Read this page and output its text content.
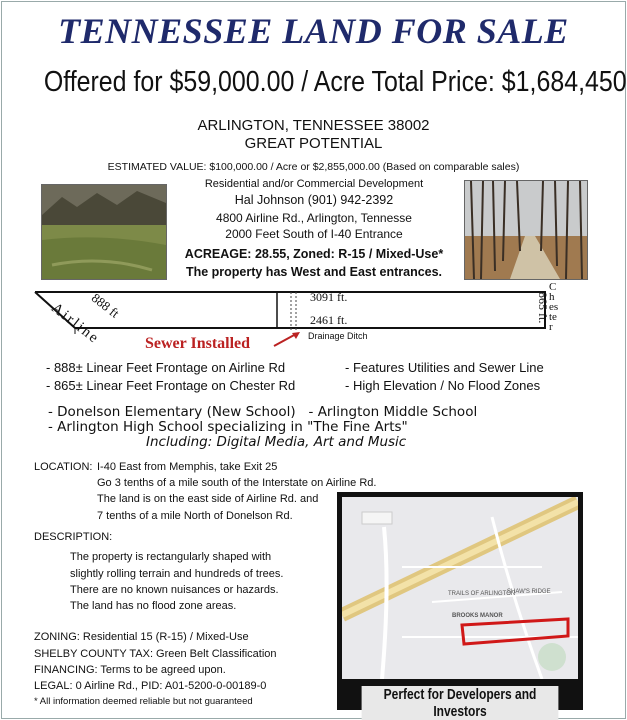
TENNESSEE LAND FOR SALE
Offered for $59,000.00 / Acre Total Price: $1,684,450
ARLINGTON, TENNESSEE 38002
GREAT POTENTIAL
ESTIMATED VALUE: $100,000.00 / Acre or $2,855,000.00 (Based on comparable sales)
Residential and/or Commercial Development
Hal Johnson (901) 942-2392
4800 Airline Rd., Arlington, Tennesse
2000 Feet South of I-40 Entrance
ACREAGE: 28.55, Zoned: R-15 / Mixed-Use*
The property has West and East entrances.
Airline
888 ft	3091 ft.
2461 ft.	865 ft.
Chester
Drainage Ditch
Sewer Installed
- 888± Linear Feet Frontage on Airline Rd
- 865± Linear Feet Frontage on Chester Rd
- Features Utilities and Sewer Line
- High Elevation / No Flood Zones
- Donelson Elementary (New School)   - Arlington Middle School
- Arlington High School specializing in "The Fine Arts"
Including: Digital Media, Art and Music
LOCATION: I-40 East from Memphis, take Exit 25
Go 3 tenths of a mile south of the Interstate on Airline Rd.
The land is on the east side of Airline Rd. and
7 tenths of a mile North of Donelson Rd.
DESCRIPTION:
The property is rectangularly shaped with
slightly rolling terrain and hundreds of trees.
There are no known nuisances or hazards.
The land has no flood zone areas.
ZONING: Residential 15 (R-15) / Mixed-Use
SHELBY COUNTY TAX: Green Belt Classification
FINANCING: Terms to be agreed upon.
LEGAL: 0 Airline Rd., PID: A01-5200-0-00189-0
* All information deemed reliable but not guaranteed
TRAILS OF ARLINGTON
BROOKS MANOR
SHAW'S RIDGE
Perfect for Developers and Investors
